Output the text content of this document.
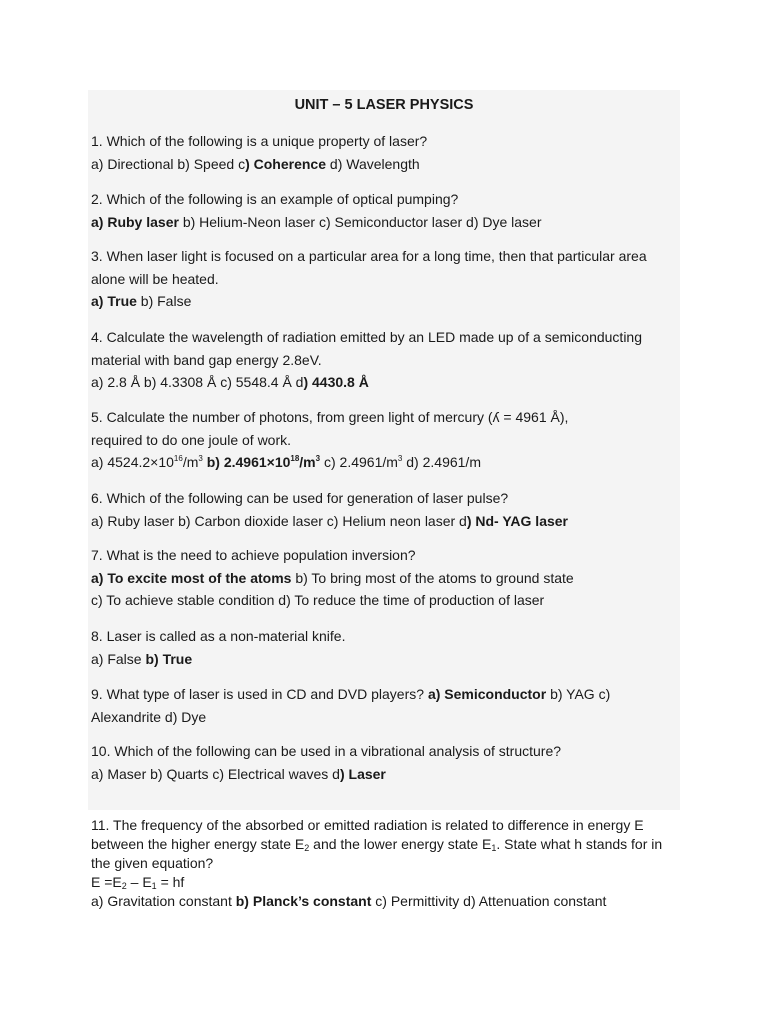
UNIT – 5 LASER PHYSICS

1. Which of the following is a unique property of laser?

a) Directional b) Speed c) Coherence d) Wavelength

2. Which of the following is an example of optical pumping?

a) Ruby laser b) Helium-Neon laser c) Semiconductor laser d) Dye laser

3. When laser light is focused on a particular area for a long time, then that particular area

alone will be heated.

a) True b) False

4. Calculate the wavelength of radiation emitted by an LED made up of a semiconducting

material with band gap energy 2.8eV.

a) 2.8 Å b) 4.3308 Å c) 5548.4 Å d) 4430.8 Å

5. Calculate the number of photons, from green light of mercury (ʎ = 4961 Å),

required to do one joule of work.

a) $4524.2\times 10^{16}/m^3$ b) $2.4961\times 10^{18}/m^3$ c) $2.4961/m^3$ d) 2.4961/m

6. Which of the following can be used for generation of laser pulse?

a) Ruby laser b) Carbon dioxide laser c) Helium neon laser d) Nd- YAG laser

7. What is the need to achieve population inversion?

a) To excite most of the atoms b) To bring most of the atoms to ground state

c) To achieve stable condition d) To reduce the time of production of laser

8. Laser is called as a non-material knife.

a) False b) True

9. What type of laser is used in CD and DVD players? a) Semiconductor b) YAG c)

Alexandrite d) Dye

10. Which of the following can be used in a vibrational analysis of structure?

a) Maser b) Quarts c) Electrical waves d) Laser

11. The frequency of the absorbed or emitted radiation is related to difference in energy E

between the higher energy state $E_2$ and the lower energy state $E_1$. State what h stands for in

the given equation?

$E =E_2 - E_1$ = hf

a) Gravitation constant b) Planck’s constant c) Permittivity d) Attenuation constant
